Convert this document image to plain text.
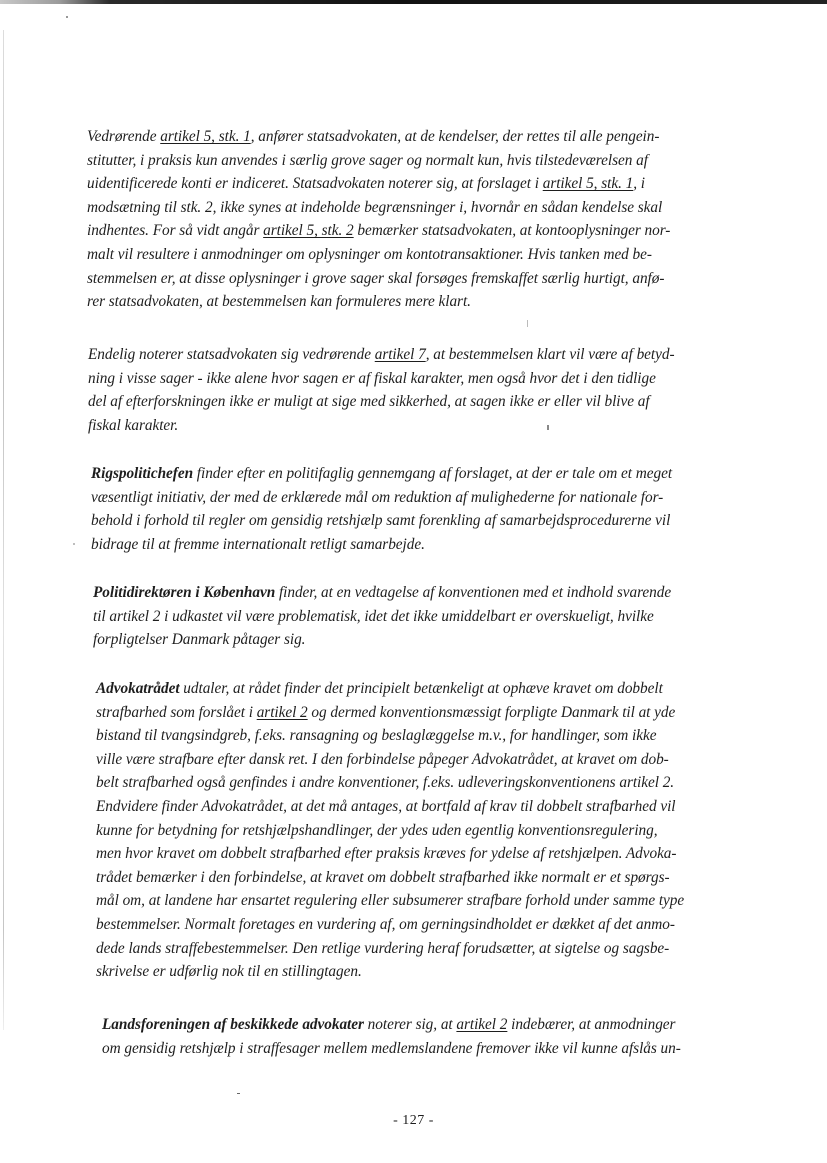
Vedrørende artikel 5, stk. 1, anfører statsadvokaten, at de kendelser, der rettes til alle pengein-
stitutter, i praksis kun anvendes i særlig grove sager og normalt kun, hvis tilstedeværelsen af
uidentificerede konti er indiceret. Statsadvokaten noterer sig, at forslaget i artikel 5, stk. 1, i
modsætning til stk. 2, ikke synes at indeholde begrænsninger i, hvornår en sådan kendelse skal
indhentes. For så vidt angår artikel 5, stk. 2 bemærker statsadvokaten, at kontooplysninger nor-
malt vil resultere i anmodninger om oplysninger om kontotransaktioner. Hvis tanken med be-
stemmelsen er, at disse oplysninger i grove sager skal forsøges fremskaffet særlig hurtigt, anfø-
rer statsadvokaten, at bestemmelsen kan formuleres mere klart.
Endelig noterer statsadvokaten sig vedrørende artikel 7, at bestemmelsen klart vil være af betyd-
ning i visse sager - ikke alene hvor sagen er af fiskal karakter, men også hvor det i den tidlige
del af efterforskningen ikke er muligt at sige med sikkerhed, at sagen ikke er eller vil blive af
fiskal karakter.
Rigspolitichefen finder efter en politifaglig gennemgang af forslaget, at der er tale om et meget
væsentligt initiativ, der med de erklærede mål om reduktion af mulighederne for nationale for-
behold i forhold til regler om gensidig retshjælp samt forenkling af samarbejdsprocedurerne vil
bidrage til at fremme internationalt retligt samarbejde.
Politidirektøren i København finder, at en vedtagelse af konventionen med et indhold svarende
til artikel 2 i udkastet vil være problematisk, idet det ikke umiddelbart er overskueligt, hvilke
forpligtelser Danmark påtager sig.
Advokatrådet udtaler, at rådet finder det principielt betænkeligt at ophæve kravet om dobbelt
strafbarhed som forslået i artikel 2 og dermed konventionsmæssigt forpligte Danmark til at yde
bistand til tvangsindgreb, f.eks. ransagning og beslaglæggelse m.v., for handlinger, som ikke
ville være strafbare efter dansk ret. I den forbindelse påpeger Advokatrådet, at kravet om dob-
belt strafbarhed også genfindes i andre konventioner, f.eks. udleveringskonventionens artikel 2.
Endvidere finder Advokatrådet, at det må antages, at bortfald af krav til dobbelt strafbarhed vil
kunne for betydning for retshjælpshandlinger, der ydes uden egentlig konventionsregulering,
men hvor kravet om dobbelt strafbarhed efter praksis kræves for ydelse af retshjælpen. Advoka-
trådet bemærker i den forbindelse, at kravet om dobbelt strafbarhed ikke normalt er et spørgs-
mål om, at landene har ensartet regulering eller subsumerer strafbare forhold under samme type
bestemmelser. Normalt foretages en vurdering af, om gerningsindholdet er dækket af det anmo-
dede lands straffebestemmelser. Den retlige vurdering heraf forudsætter, at sigtelse og sagsbe-
skrivelse er udførlig nok til en stillingtagen.
Landsforeningen af beskikkede advokater noterer sig, at artikel 2 indebærer, at anmodninger
om gensidig retshjælp i straffesager mellem medlemslandene fremover ikke vil kunne afslås un-
- 127 -
